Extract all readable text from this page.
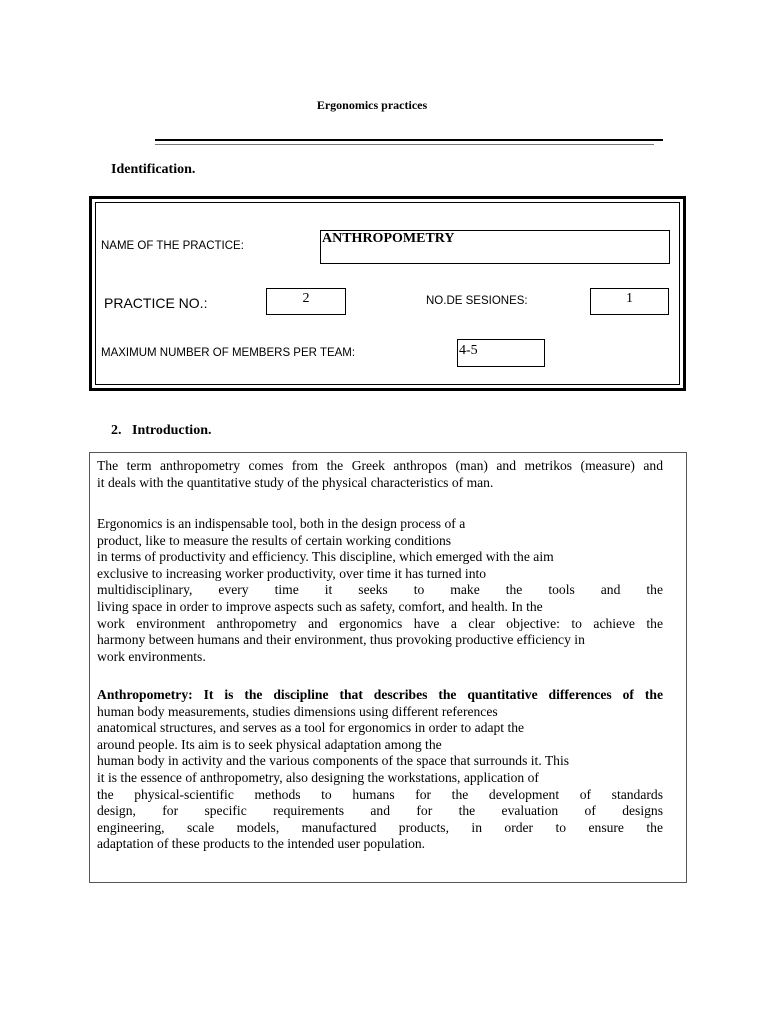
Ergonomics practices
Identification.
NAME OF THE PRACTICE:	ANTHROPOMETRY
PRACTICE NO.:	2	NO.DE SESIONES:	1
MAXIMUM NUMBER OF MEMBERS PER TEAM:	4-5
2. Introduction.
The term anthropometry comes from the Greek anthropos (man) and metrikos (measure) and
it deals with the quantitative study of the physical characteristics of man.
Ergonomics is an indispensable tool, both in the design process of a
product, like to measure the results of certain working conditions
in terms of productivity and efficiency. This discipline, which emerged with the aim
exclusive to increasing worker productivity, over time it has turned into
multidisciplinary, every time it seeks to make the tools and the
living space in order to improve aspects such as safety, comfort, and health. In the
work environment anthropometry and ergonomics have a clear objective: to achieve the
harmony between humans and their environment, thus provoking productive efficiency in
work environments.
Anthropometry: It is the discipline that describes the quantitative differences of the
human body measurements, studies dimensions using different references
anatomical structures, and serves as a tool for ergonomics in order to adapt the
around people. Its aim is to seek physical adaptation among the
human body in activity and the various components of the space that surrounds it. This
it is the essence of anthropometry, also designing the workstations, application of
the physical-scientific methods to humans for the development of standards
design, for specific requirements and for the evaluation of designs
engineering, scale models, manufactured products, in order to ensure the
adaptation of these products to the intended user population.
